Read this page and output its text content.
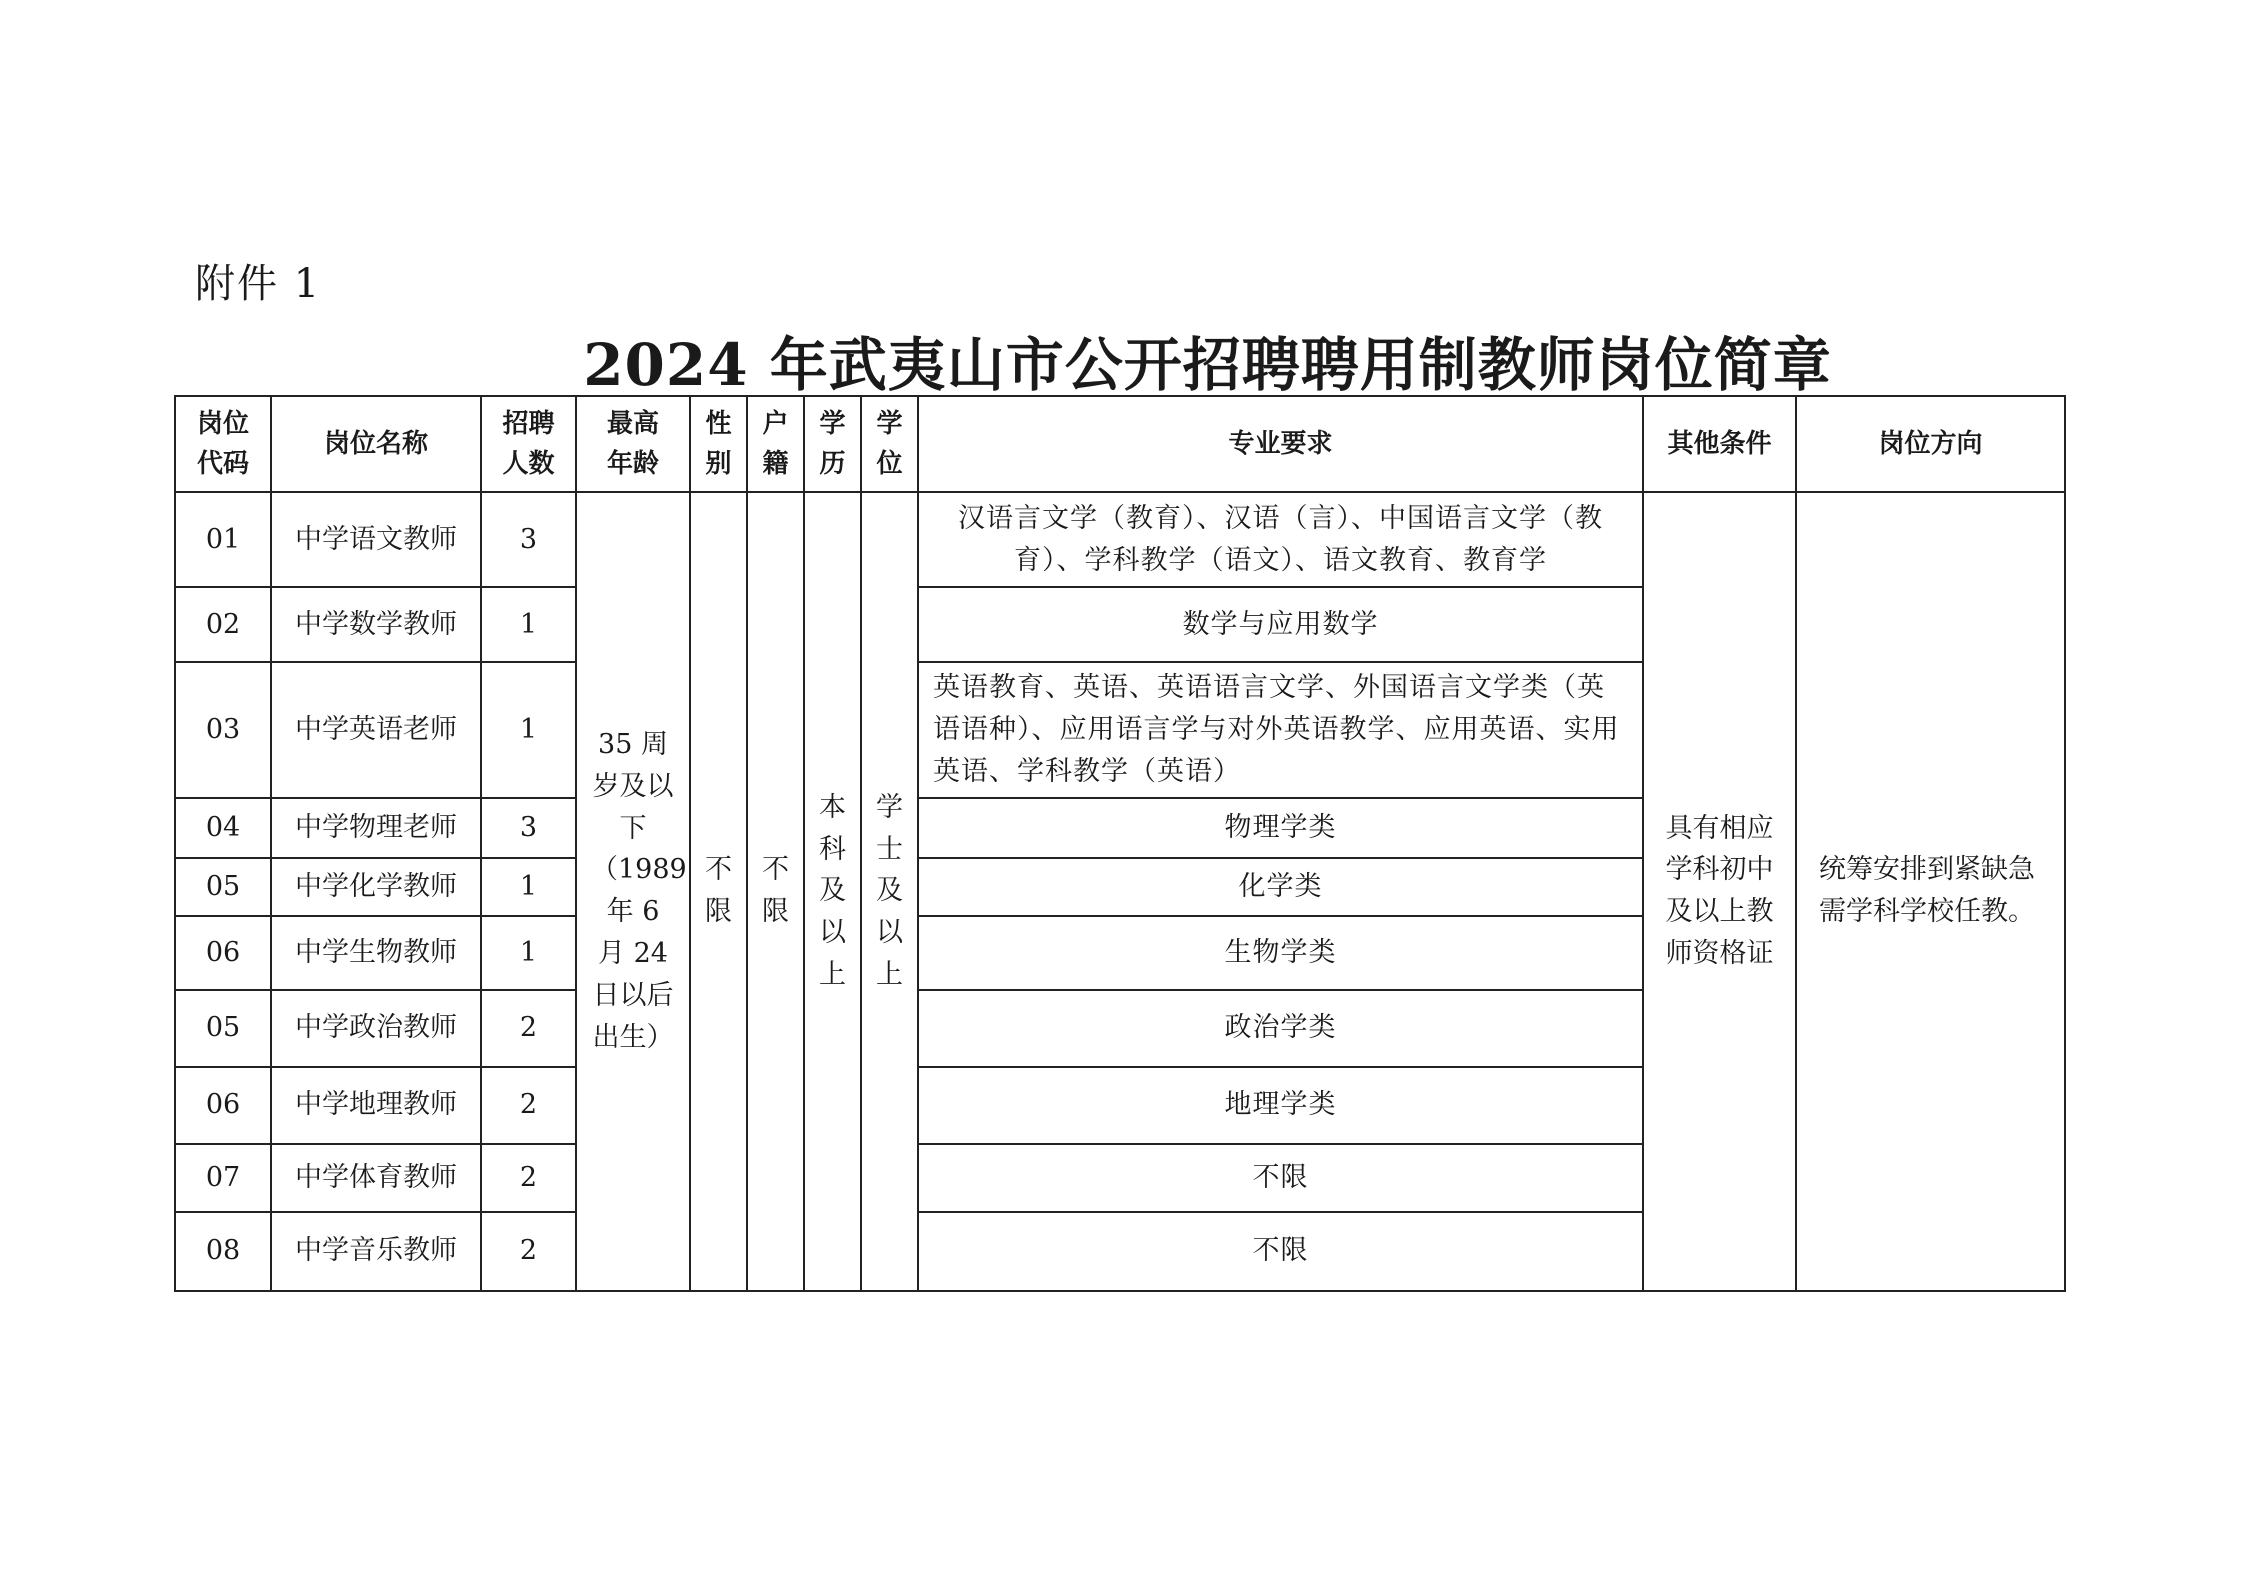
附件 1
2024 年武夷山市公开招聘聘用制教师岗位简章
岗位代码	岗位名称	招聘人数	最高年龄	性别	户籍	学历	学位	专业要求	其他条件	岗位方向
01	中学语文教师	3	35 周岁及以下（1989 年 6 月 24 日以后出生）	不限	不限	本科及以上	学士及以上	汉语言文学（教育）、汉语（言）、中国语言文学（教育）、学科教学（语文）、语文教育、教育学	具有相应学科初中及以上教师资格证	统筹安排到紧缺急需学科学校任教。
02	中学数学教师	1						数学与应用数学		
03	中学英语老师	1						英语教育、英语、英语语言文学、外国语言文学类（英语语种）、应用语言学与对外英语教学、应用英语、实用英语、学科教学（英语）		
04	中学物理老师	3						物理学类		
05	中学化学教师	1						化学类		
06	中学生物教师	1						生物学类		
05	中学政治教师	2						政治学类		
06	中学地理教师	2						地理学类		
07	中学体育教师	2						不限		
08	中学音乐教师	2						不限		
